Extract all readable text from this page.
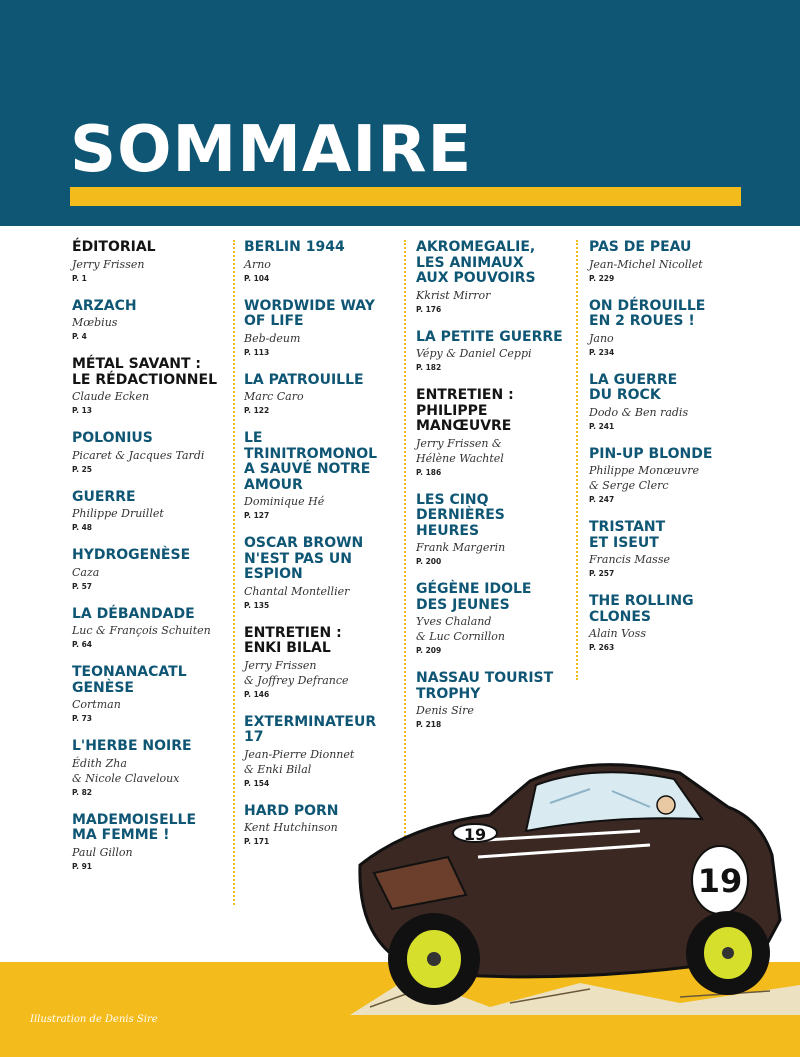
SOMMAIRE
ÉDITORIAL
Jerry Frissen
P. 1
ARZACH
Mœbius
P. 4
MÉTAL SAVANT :
LE RÉDACTIONNEL
Claude Ecken
P. 13
POLONIUS
Picaret & Jacques Tardi
P. 25
GUERRE
Philippe Druillet
P. 48
HYDROGENÈSE
Caza
P. 57
LA DÉBANDADE
Luc & François Schuiten
P. 64
TEONANACATL
GENÈSE
Cortman
P. 73
L'HERBE NOIRE
Édith Zha
& Nicole Claveloux
P. 82
MADEMOISELLE
MA FEMME !
Paul Gillon
P. 91
BERLIN 1944
Arno
P. 104
WORDWIDE WAY
OF LIFE
Beb-deum
P. 113
LA PATROUILLE
Marc Caro
P. 122
LE
TRINITROMONOL
A SAUVÉ NOTRE
AMOUR
Dominique Hé
P. 127
OSCAR BROWN
N'EST PAS UN
ESPION
Chantal Montellier
P. 135
ENTRETIEN :
ENKI BILAL
Jerry Frissen
& Joffrey Defrance
P. 146
EXTERMINATEUR
17
Jean-Pierre Dionnet
& Enki Bilal
P. 154
HARD PORN
Kent Hutchinson
P. 171
AKROMEGALIE,
LES ANIMAUX
AUX POUVOIRS
Kkrist Mirror
P. 176
LA PETITE GUERRE
Vépy & Daniel Ceppi
P. 182
ENTRETIEN :
PHILIPPE
MANŒUVRE
Jerry Frissen &
Hélène Wachtel
P. 186
LES CINQ
DERNIÈRES
HEURES
Frank Margerin
P. 200
GÉGÈNE IDOLE
DES JEUNES
Yves Chaland
& Luc Cornillon
P. 209
NASSAU TOURIST
TROPHY
Denis Sire
P. 218
PAS DE PEAU
Jean-Michel Nicollet
P. 229
ON DÉROUILLE
EN 2 ROUES !
Jano
P. 234
LA GUERRE
DU ROCK
Dodo & Ben radis
P. 241
PIN-UP BLONDE
Philippe Monœuvre
& Serge Clerc
P. 247
TRISTANT
ET ISEUT
Francis Masse
P. 257
THE ROLLING
CLONES
Alain Voss
P. 263
19
19
Illustration de Denis Sire
